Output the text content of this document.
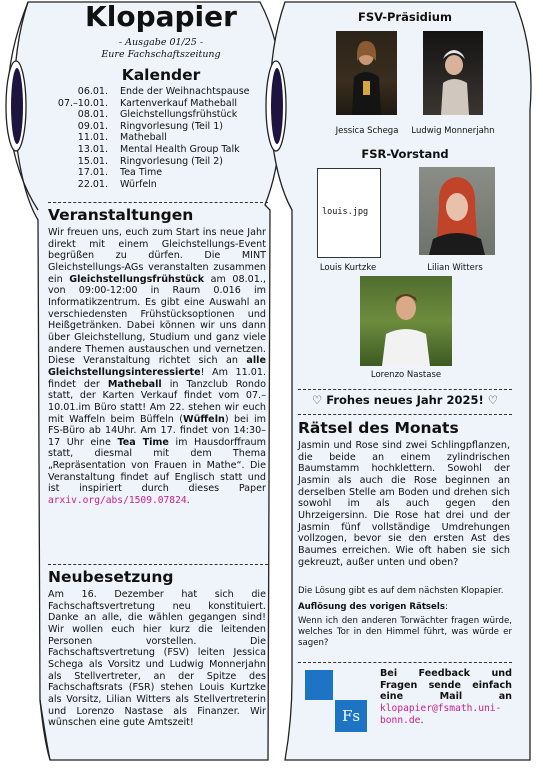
Klopapier
- Ausgabe 01/25 -
Eure Fachschaftszeitung
Kalender
06.01.	Ende der Weihnachtspause
07.–10.01.	Kartenverkauf Matheball
08.01.	Gleichstellungsfrühstück
09.01.	Ringvorlesung (Teil 1)
11.01.	Matheball
13.01.	Mental Health Group Talk
15.01.	Ringvorlesung (Teil 2)
17.01.	Tea Time
22.01.	Würfeln
Veranstaltungen
Wir freuen uns, euch zum Start ins neue Jahr direkt mit einem Gleichstellungs-Event begrüßen zu dürfen. Die MINT Gleichstellungs-AGs veranstalten zusammen ein Gleichstellungsfrühstück am 08.01., von 09:00-12:00 in Raum 0.016 im Informatikzentrum. Es gibt eine Auswahl an verschiedensten Frühstücksoptionen und Heißgetränken. Dabei können wir uns dann über Gleichstellung, Studium und ganz viele andere Themen austauschen und vernetzen. Diese Veranstaltung richtet sich an alle Gleichstellungsinteressierte! Am 11.01. findet der Matheball in Tanzclub Rondo statt, der Karten Verkauf findet vom 07.–10.01.im Büro statt! Am 22. stehen wir euch mit Waffeln beim Büffeln (Wüffeln) bei im FS-Büro ab 14Uhr. Am 17. findet von 14:30–17 Uhr eine Tea Time im Hausdorffraum statt, diesmal mit dem Thema „Repräsentation von Frauen in Mathe“. Die Veranstaltung findet auf Englisch statt und ist inspiriert durch dieses Paper arxiv.org/abs/1509.07824.
Neubesetzung
Am 16. Dezember hat sich die Fachschaftsvertretung neu konstituiert. Danke an alle, die wählen gegangen sind! Wir wollen euch hier kurz die leitenden Personen vorstellen. Die Fachschaftsvertretung (FSV) leiten Jessica Schega als Vorsitz und Ludwig Monnerjahn als Stellvertreter, an der Spitze des Fachschaftsrats (FSR) stehen Louis Kurtzke als Vorsitz, Lilian Witters als Stellvertreterin und Lorenzo Nastase als Finanzer. Wir wünschen eine gute Amtszeit!
FSV-Präsidium
Jessica Schega	Ludwig Monnerjahn
FSR-Vorstand
louis.jpg
Louis Kurtzke	Lilian Witters
Lorenzo Nastase
♡ Frohes neues Jahr 2025! ♡
Rätsel des Monats
Jasmin und Rose sind zwei Schlingpflanzen, die beide an einem zylindrischen Baumstamm hochklettern. Sowohl der Jasmin als auch die Rose beginnen an derselben Stelle am Boden und drehen sich sowohl im als auch gegen den Uhrzeigersinn. Die Rose hat drei und der Jasmin fünf vollständige Umdrehungen vollzogen, bevor sie den ersten Ast des Baumes erreichen. Wie oft haben sie sich gekreuzt, außer unten und oben?
Die Lösung gibt es auf dem nächsten Klopapier.
Auflösung des vorigen Rätsels:
Wenn ich den anderen Torwächter fragen würde, welches Tor in den Himmel führt, was würde er sagen?
Fs
Bei Feedback und Fragen sende einfach eine Mail an klopapier@fsmath.uni-bonn.de.
